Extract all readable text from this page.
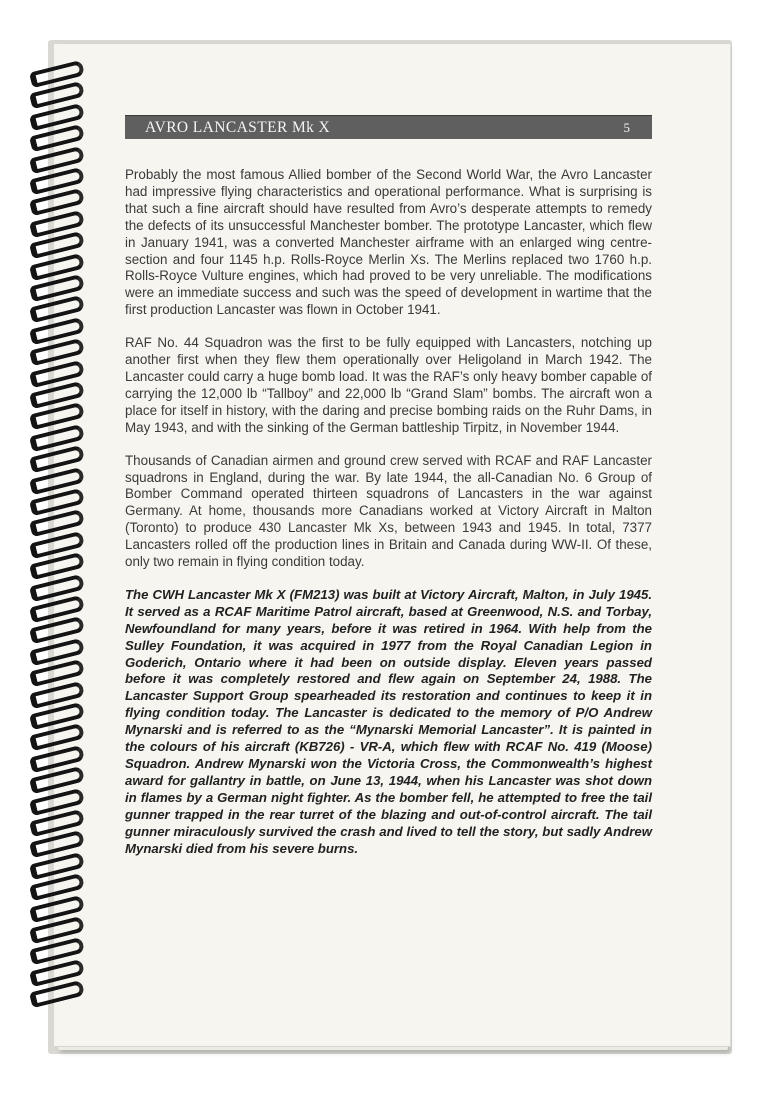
AVRO LANCASTER Mk X	5

Probably the most famous Allied bomber of the Second World War, the Avro Lancaster had impressive flying characteristics and operational performance. What is surprising is that such a fine aircraft should have resulted from Avro’s desperate attempts to remedy the defects of its unsuccessful Manchester bomber. The prototype Lancaster, which flew in January 1941, was a converted Manchester airframe with an enlarged wing centre-section and four 1145 h.p. Rolls-Royce Merlin Xs. The Merlins replaced two 1760 h.p. Rolls-Royce Vulture engines, which had proved to be very unreliable. The modifications were an immediate success and such was the speed of development in wartime that the first production Lancaster was flown in October 1941.

RAF No. 44 Squadron was the first to be fully equipped with Lancasters, notching up another first when they flew them operationally over Heligoland in March 1942. The Lancaster could carry a huge bomb load. It was the RAF’s only heavy bomber capable of carrying the 12,000 lb “Tallboy” and 22,000 lb “Grand Slam” bombs. The aircraft won a place for itself in history, with the daring and precise bombing raids on the Ruhr Dams, in May 1943, and with the sinking of the German battleship Tirpitz, in November 1944.

Thousands of Canadian airmen and ground crew served with RCAF and RAF Lancaster squadrons in England, during the war. By late 1944, the all-Canadian No. 6 Group of Bomber Command operated thirteen squadrons of Lancasters in the war against Germany. At home, thousands more Canadians worked at Victory Aircraft in Malton (Toronto) to produce 430 Lancaster Mk Xs, between 1943 and 1945. In total, 7377 Lancasters rolled off the production lines in Britain and Canada during WW-II. Of these, only two remain in flying condition today.

The CWH Lancaster Mk X (FM213) was built at Victory Aircraft, Malton, in July 1945. It served as a RCAF Maritime Patrol aircraft, based at Greenwood, N.S. and Torbay, Newfoundland for many years, before it was retired in 1964. With help from the Sulley Foundation, it was acquired in 1977 from the Royal Canadian Legion in Goderich, Ontario where it had been on outside display. Eleven years passed before it was completely restored and flew again on September 24, 1988. The Lancaster Support Group spearheaded its restoration and continues to keep it in flying condition today. The Lancaster is dedicated to the memory of P/O Andrew Mynarski and is referred to as the “Mynarski Memorial Lancaster”. It is painted in the colours of his aircraft (KB726) - VR-A, which flew with RCAF No. 419 (Moose) Squadron. Andrew Mynarski won the Victoria Cross, the Commonwealth’s highest award for gallantry in battle, on June 13, 1944, when his Lancaster was shot down in flames by a German night fighter. As the bomber fell, he attempted to free the tail gunner trapped in the rear turret of the blazing and out-of-control aircraft. The tail gunner miraculously survived the crash and lived to tell the story, but sadly Andrew Mynarski died from his severe burns.
